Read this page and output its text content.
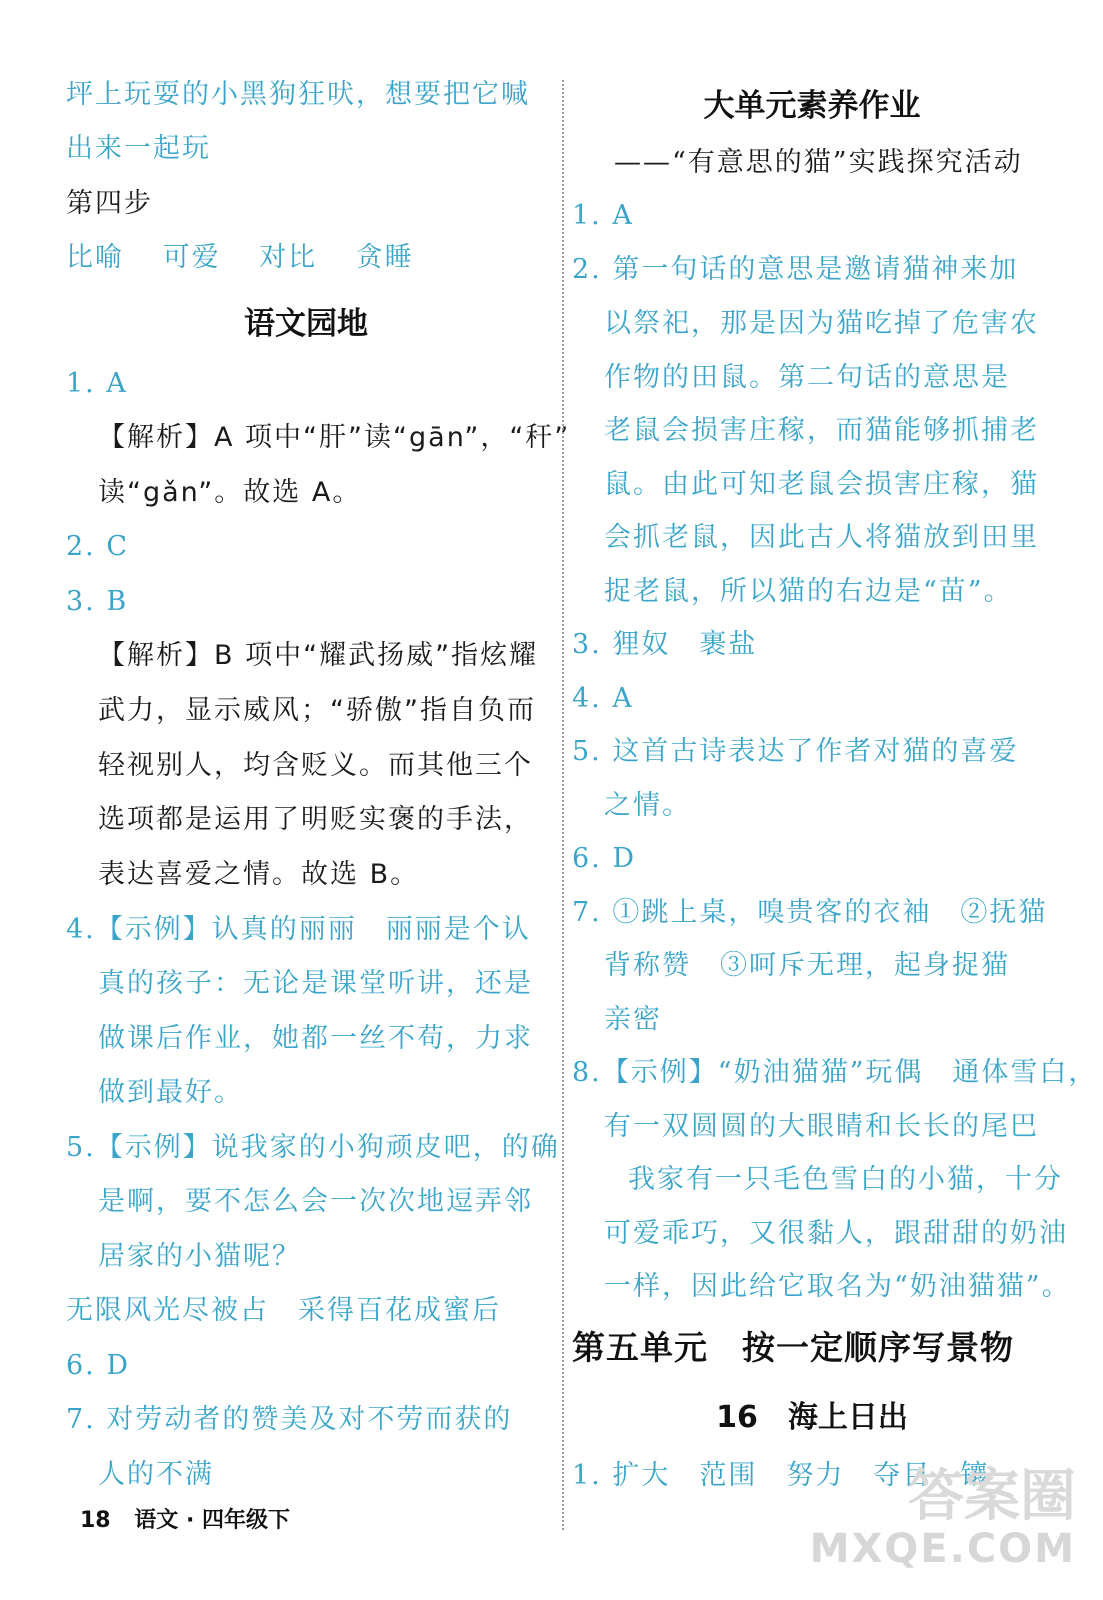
坪上玩耍的小黑狗狂吠，想要把它喊
出来一起玩
第四步
比喻 可爱 对比 贪睡
语文园地
1. A
【解析】A 项中“肝”读“gān”，“秆”
读“gǎn”。故选 A。
2. C
3. B
【解析】B 项中“耀武扬威”指炫耀
武力，显示威风；“骄傲”指自负而
轻视别人，均含贬义。而其他三个
选项都是运用了明贬实褒的手法，
表达喜爱之情。故选 B。
4.【示例】认真的丽丽　丽丽是个认
真的孩子：无论是课堂听讲，还是
做课后作业，她都一丝不苟，力求
做到最好。
5.【示例】说我家的小狗顽皮吧，的确
是啊，要不怎么会一次次地逗弄邻
居家的小猫呢？
无限风光尽被占　采得百花成蜜后
6. D
7. 对劳动者的赞美及对不劳而获的
人的不满
大单元素养作业
——“有意思的猫”实践探究活动
1. A
2. 第一句话的意思是邀请猫神来加
以祭祀，那是因为猫吃掉了危害农
作物的田鼠。第二句话的意思是
老鼠会损害庄稼，而猫能够抓捕老
鼠。由此可知老鼠会损害庄稼，猫
会抓老鼠，因此古人将猫放到田里
捉老鼠，所以猫的右边是“苗”。
3. 狸奴　裹盐
4. A
5. 这首古诗表达了作者对猫的喜爱
之情。
6. D
7. ①跳上桌，嗅贵客的衣袖　②抚猫
背称赞　③呵斥无理，起身捉猫
亲密
8.【示例】“奶油猫猫”玩偶　通体雪白，
有一双圆圆的大眼睛和长长的尾巴
我家有一只毛色雪白的小猫，十分
可爱乖巧，又很黏人，跟甜甜的奶油
一样，因此给它取名为“奶油猫猫”。
第五单元　按一定顺序写景物
16　海上日出
1. 扩大　范围　努力　夺目　镶
18 语文 · 四年级下	答案圈
MXQE.COM
